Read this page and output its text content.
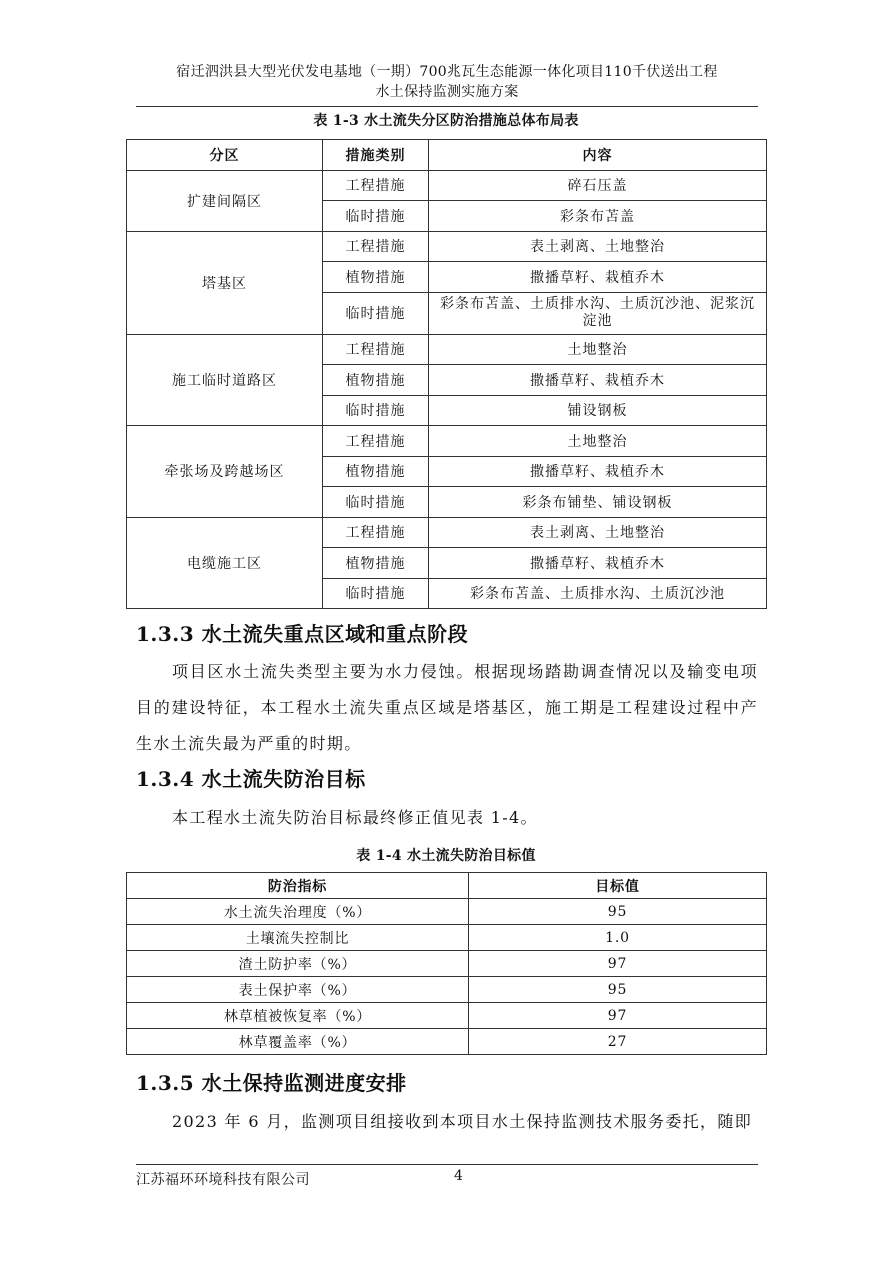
宿迁泗洪县大型光伏发电基地（一期）700兆瓦生态能源一体化项目110千伏送出工程
水土保持监测实施方案
表 1-3 水土流失分区防治措施总体布局表
分区	措施类别	内容
扩建间隔区	工程措施	碎石压盖
	临时措施	彩条布苫盖
塔基区	工程措施	表土剥离、土地整治
	植物措施	撒播草籽、栽植乔木
	临时措施	彩条布苫盖、土质排水沟、土质沉沙池、泥浆沉淀池
施工临时道路区	工程措施	土地整治
	植物措施	撒播草籽、栽植乔木
	临时措施	铺设钢板
牵张场及跨越场区	工程措施	土地整治
	植物措施	撒播草籽、栽植乔木
	临时措施	彩条布铺垫、铺设钢板
电缆施工区	工程措施	表土剥离、土地整治
	植物措施	撒播草籽、栽植乔木
	临时措施	彩条布苫盖、土质排水沟、土质沉沙池
1.3.3 水土流失重点区域和重点阶段

项目区水土流失类型主要为水力侵蚀。根据现场踏勘调查情况以及输变电项目的建设特征，本工程水土流失重点区域是塔基区，施工期是工程建设过程中产生水土流失最为严重的时期。

1.3.4 水土流失防治目标

本工程水土流失防治目标最终修正值见表 1-4。

表 1-4 水土流失防治目标值
防治指标	目标值
水土流失治理度（%）	95
土壤流失控制比	1.0
渣土防护率（%）	97
表土保护率（%）	95
林草植被恢复率（%）	97
林草覆盖率（%）	27
1.3.5 水土保持监测进度安排

2023 年 6 月，监测项目组接收到本项目水土保持监测技术服务委托，随即

江苏福环环境科技有限公司	4
